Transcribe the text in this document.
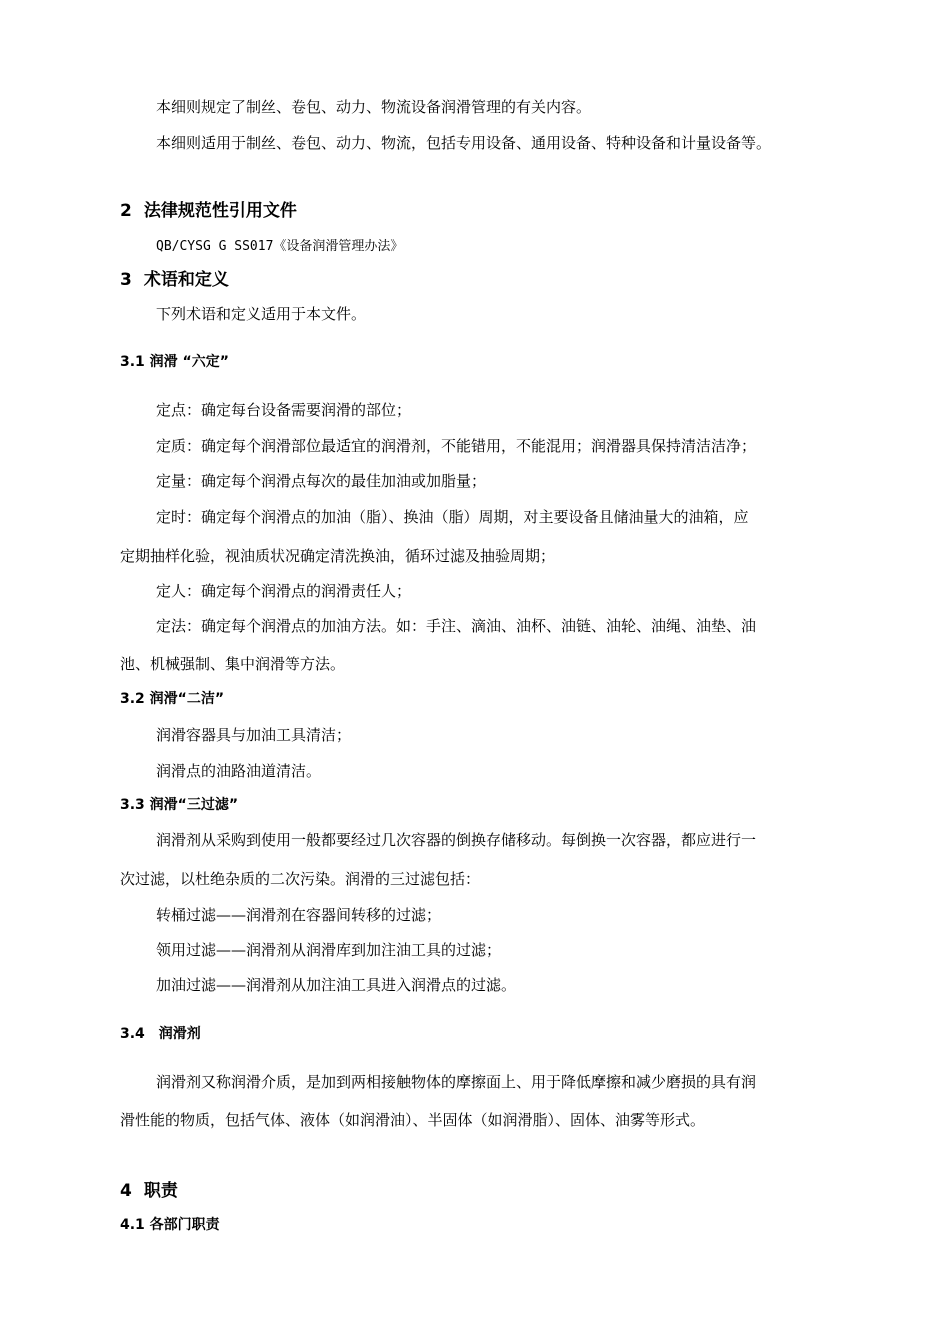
本细则规定了制丝、卷包、动力、物流设备润滑管理的有关内容。
本细则适用于制丝、卷包、动力、物流，包括专用设备、通用设备、特种设备和计量设备等。
2 法律规范性引用文件
QB/CYSG G SS017《设备润滑管理办法》
3 术语和定义
下列术语和定义适用于本文件。
3.1 润滑 “六定”
定点：确定每台设备需要润滑的部位；
定质：确定每个润滑部位最适宜的润滑剂，不能错用，不能混用；润滑器具保持清洁洁净；
定量：确定每个润滑点每次的最佳加油或加脂量；
定时：确定每个润滑点的加油（脂）、换油（脂）周期，对主要设备且储油量大的油箱，应
定期抽样化验，视油质状况确定清洗换油，循环过滤及抽验周期；
定人：确定每个润滑点的润滑责任人；
定法：确定每个润滑点的加油方法。如：手注、滴油、油杯、油链、油轮、油绳、油垫、油
池、机械强制、集中润滑等方法。
3.2 润滑“二洁”
润滑容器具与加油工具清洁；
润滑点的油路油道清洁。
3.3 润滑“三过滤”
润滑剂从采购到使用一般都要经过几次容器的倒换存储移动。每倒换一次容器，都应进行一
次过滤，以杜绝杂质的二次污染。润滑的三过滤包括：
转桶过滤——润滑剂在容器间转移的过滤；
领用过滤——润滑剂从润滑库到加注油工具的过滤；
加油过滤——润滑剂从加注油工具进入润滑点的过滤。
3.4　润滑剂
润滑剂又称润滑介质，是加到两相接触物体的摩擦面上、用于降低摩擦和减少磨损的具有润
滑性能的物质，包括气体、液体（如润滑油）、半固体（如润滑脂）、固体、油雾等形式。
4 职责
4.1 各部门职责
